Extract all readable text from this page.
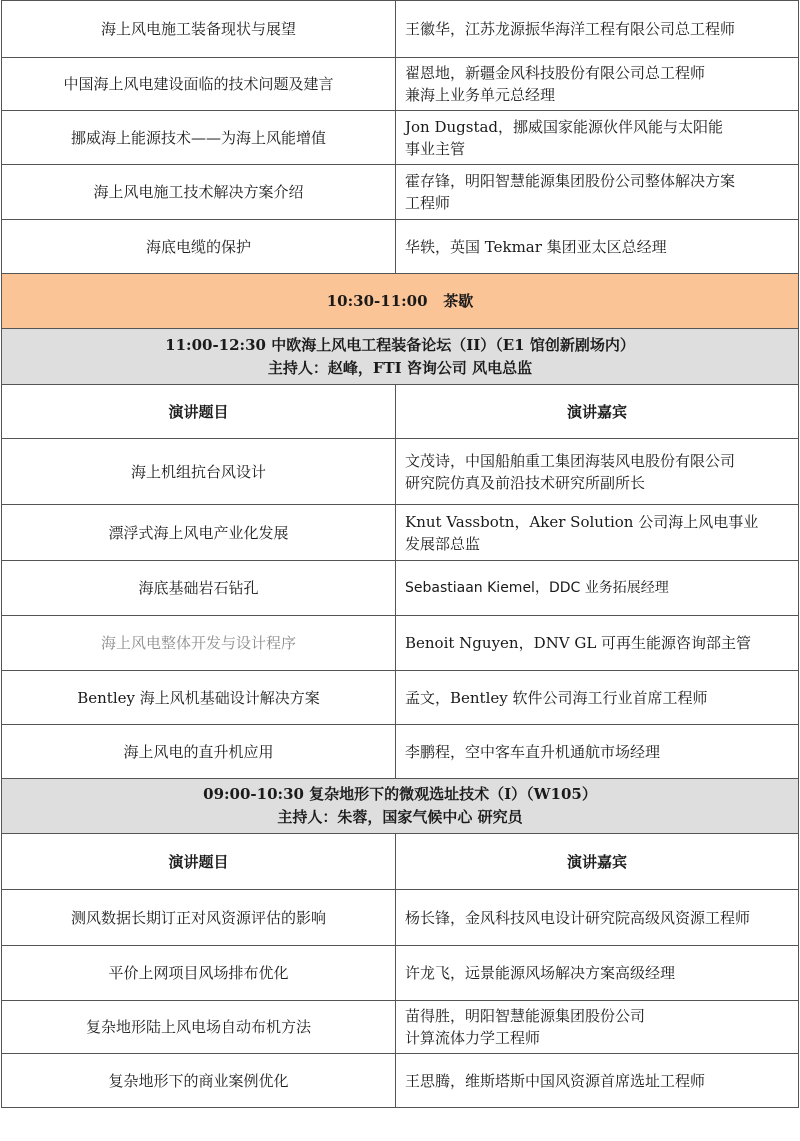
海上风电施工装备现状与展望	王徽华，江苏龙源振华海洋工程有限公司总工程师
中国海上风电建设面临的技术问题及建言	翟恩地，新疆金风科技股份有限公司总工程师
兼海上业务单元总经理
挪威海上能源技术——为海上风能增值	Jon Dugstad，挪威国家能源伙伴风能与太阳能
事业主管
海上风电施工技术解决方案介绍	霍存锋，明阳智慧能源集团股份公司整体解决方案
工程师
海底电缆的保护	华轶，英国 Tekmar 集团亚太区总经理
10:30-11:00 茶歇	

11:00-12:30 中欧海上风电工程装备论坛（II）（E1 馆创新剧场内）
主持人：赵峰，FTI 咨询公司 风电总监	

演讲题目	演讲嘉宾
海上机组抗台风设计	文茂诗，中国船舶重工集团海装风电股份有限公司
研究院仿真及前沿技术研究所副所长
漂浮式海上风电产业化发展	Knut Vassbotn，Aker Solution 公司海上风电事业
发展部总监
海底基础岩石钻孔	Sebastiaan Kiemel，DDC 业务拓展经理
海上风电整体开发与设计程序	Benoit Nguyen，DNV GL 可再生能源咨询部主管
Bentley 海上风机基础设计解决方案	孟文，Bentley 软件公司海工行业首席工程师
海上风电的直升机应用	李鹏程，空中客车直升机通航市场经理

09:00-10:30 复杂地形下的微观选址技术（I）（W105）
主持人：朱蓉，国家气候中心 研究员	

演讲题目	演讲嘉宾
测风数据长期订正对风资源评估的影响	杨长锋，金风科技风电设计研究院高级风资源工程师
平价上网项目风场排布优化	许龙飞，远景能源风场解决方案高级经理
复杂地形陆上风电场自动布机方法	苗得胜，明阳智慧能源集团股份公司
计算流体力学工程师
复杂地形下的商业案例优化	王思腾，维斯塔斯中国风资源首席选址工程师
